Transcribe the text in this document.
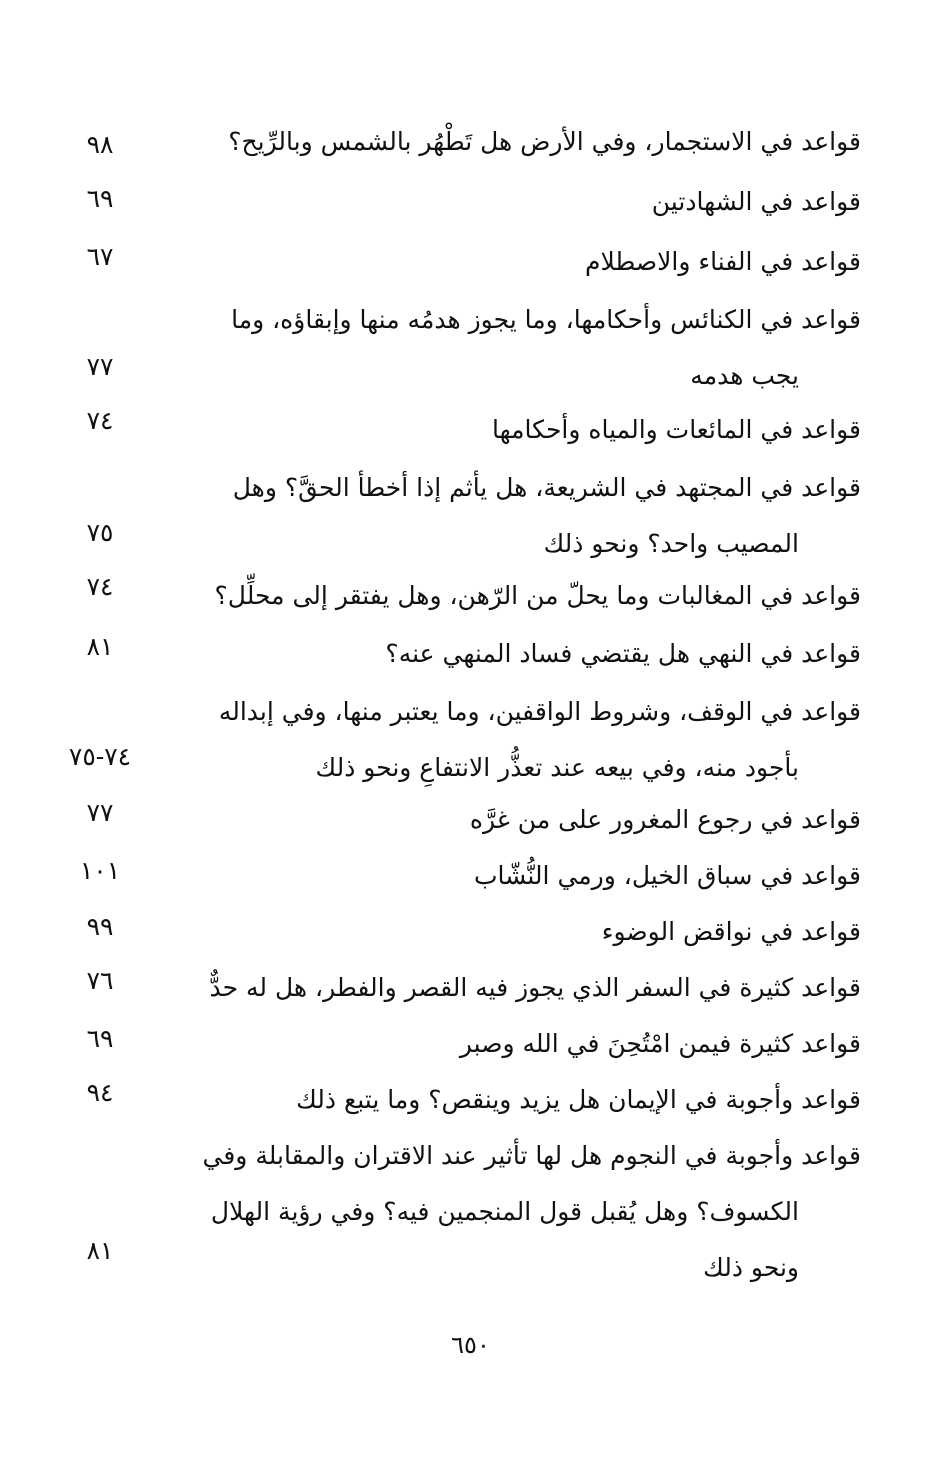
قواعد في الاستجمار، وفي الأرض هل تَطْهُر بالشمس وبالرِّيح؟
٩٨
قواعد في الشهادتين
٦٩
قواعد في الفناء والاصطلام
٦٧
قواعد في الكنائس وأحكامها، وما يجوز هدمُه منها وإبقاؤه، وما
يجب هدمه
٧٧
قواعد في المائعات والمياه وأحكامها
٧٤
قواعد في المجتهد في الشريعة، هل يأثم إذا أخطأ الحقَّ؟ وهل
المصيب واحد؟ ونحو ذلك
٧٥
قواعد في المغالبات وما يحلّ من الرّهن، وهل يفتقر إلى محلِّل؟
٧٤
قواعد في النهي هل يقتضي فساد المنهي عنه؟
٨١
قواعد في الوقف، وشروط الواقفين، وما يعتبر منها، وفي إبداله
بأجود منه، وفي بيعه عند تعذُّر الانتفاعِ ونحو ذلك
٧٤-٧٥
قواعد في رجوع المغرور على من غرَّه
٧٧
قواعد في سباق الخيل، ورمي النُّشّاب
١٠١
قواعد في نواقض الوضوء
٩٩
قواعد كثيرة في السفر الذي يجوز فيه القصر والفطر، هل له حدٌّ
٧٦
قواعد كثيرة فيمن امْتُحِنَ في الله وصبر
٦٩
قواعد وأجوبة في الإيمان هل يزيد وينقص؟ وما يتبع ذلك
٩٤
قواعد وأجوبة في النجوم هل لها تأثير عند الاقتران والمقابلة وفي
الكسوف؟ وهل يُقبل قول المنجمين فيه؟ وفي رؤية الهلال
ونحو ذلك
٨١
٦٥٠
